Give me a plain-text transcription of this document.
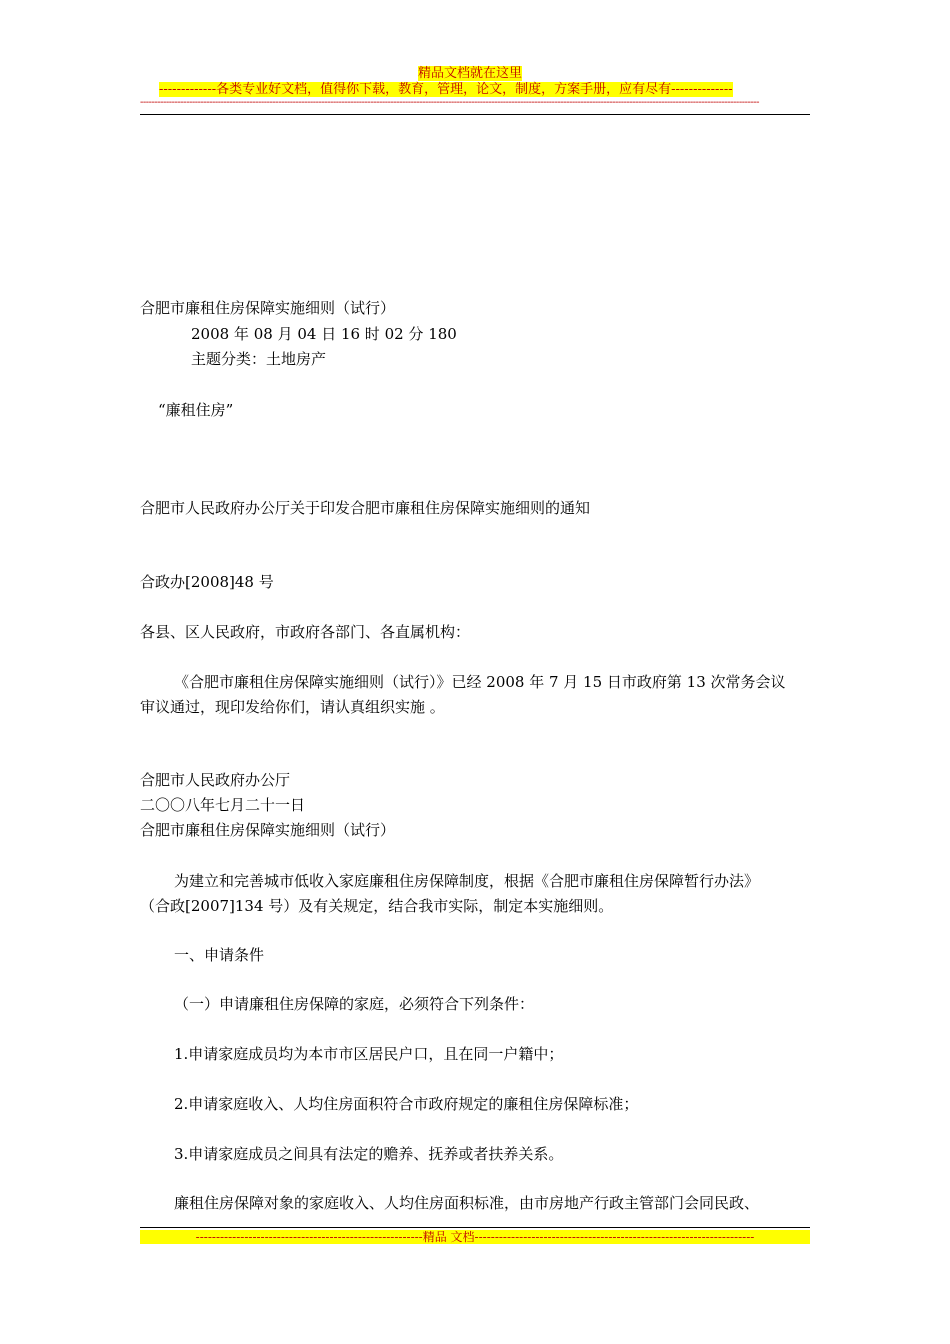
精品文档就在这里
-------------各类专业好文档，值得你下载，教育，管理，论文，制度，方案手册，应有尽有--------------
-----------------------------------------------------------------------------------------------------------------------------------------------------------------------------------------------------------------------
合肥市廉租住房保障实施细则（试行）
2008 年 08 月 04 日 16 时 02 分 180
主题分类：土地房产
“廉租住房”
合肥市人民政府办公厅关于印发合肥市廉租住房保障实施细则的通知
合政办[2008]48 号
各县、区人民政府，市政府各部门、各直属机构：
《合肥市廉租住房保障实施细则（试行）》已经 2008 年 7 月 15 日市政府第 13 次常务会议
审议通过，现印发给你们，请认真组织实施 。
合肥市人民政府办公厅
二〇〇八年七月二十一日
合肥市廉租住房保障实施细则（试行）
为建立和完善城市低收入家庭廉租住房保障制度，根据《合肥市廉租住房保障暂行办法》
（合政[2007]134 号）及有关规定，结合我市实际，制定本实施细则。
一、申请条件
（一）申请廉租住房保障的家庭，必须符合下列条件：
1.申请家庭成员均为本市市区居民户口，且在同一户籍中；
2.申请家庭收入、人均住房面积符合市政府规定的廉租住房保障标准；
3.申请家庭成员之间具有法定的赡养、抚养或者扶养关系。
廉租住房保障对象的家庭收入、人均住房面积标准，由市房地产行政主管部门会同民政、
--------------------------------------------------------精品 文档---------------------------------------------------------------------
